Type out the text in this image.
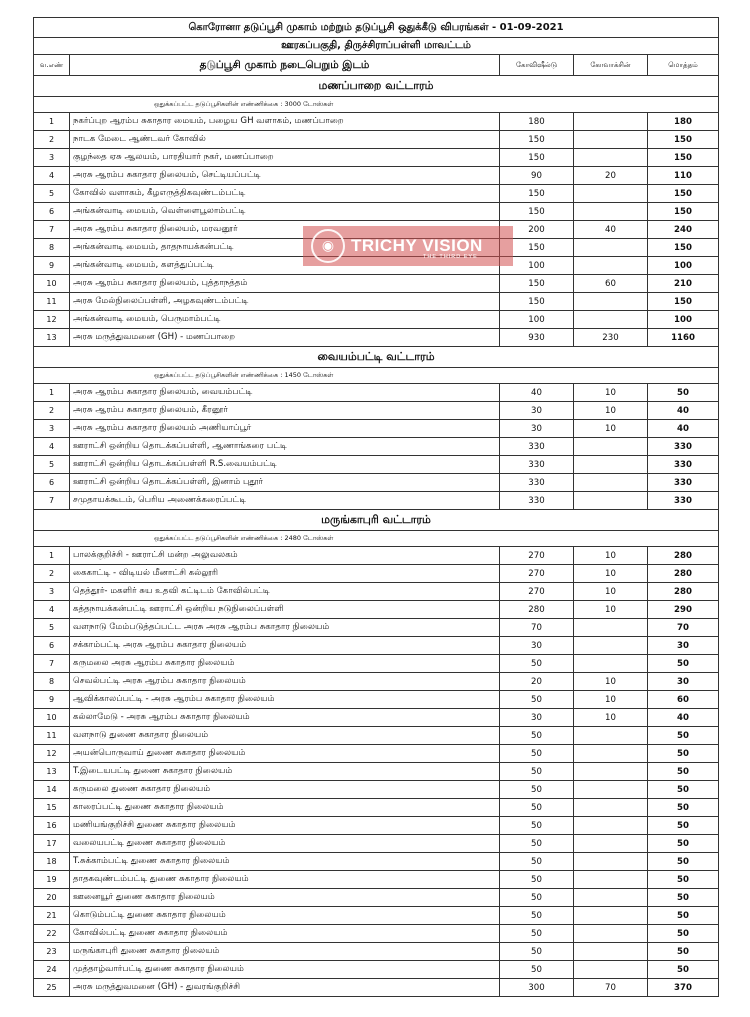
கொரோனா தடுப்பூசி முகாம் மற்றும் தடுப்பூசி ஒதுக்கீடு விபரங்கள் - 01-09-2021				
ஊரகப்பகுதி, திருச்சிராப்பள்ளி மாவட்டம்				
வ.எண்	தடுப்பூசி முகாம் நடைபெறும் இடம்	கோவிஷீல்டு	கோவாக்சின்	மொத்தம்
மணப்பாறை வட்டாரம்				
ஒதுக்கப்பட்ட தடுப்பூசிகளின் எண்ணிக்கை : 3000 டோஸ்கள்				
1	நகர்ப்புற ஆரம்ப சுகாதார மையம், பழைய GH வளாகம், மணப்பாறை	180		180
2	நாடக மேடை ஆண்டவர் கோவில்	150		150
3	குழந்தை ஏசு ஆலயம், பாரதியார் நகர், மணப்பாறை	150		150
4	அரசு ஆரம்ப சுகாதார நிலையம், செட்டியப்பட்டி	90	20	110
5	கோவில் வளாகம், கீழஎருத்திகவுண்டம்பட்டி	150		150
6	அங்கன்வாடி மையம், வெள்ளைபூலாம்பட்டி	150		150
7	அரசு ஆரம்ப சுகாதார நிலையம், மரவனூர்	200	40	240
8	அங்கன்வாடி மையம், தாதநாயக்கன்பட்டி	150		150
9	அங்கன்வாடி மையம், களத்துப்பட்டி	100		100
10	அரசு ஆரம்ப சுகாதார நிலையம், புத்தாநத்தம்	150	60	210
11	அரசு மேல்நிலைப்பள்ளி, அழகவுண்டம்பட்டி	150		150
12	அங்கன்வாடி மையம், பெருமாம்பட்டி	100		100
13	அரசு மருத்துவமனை (GH) - மணப்பாறை	930	230	1160
வையம்பட்டி வட்டாரம்				
ஒதுக்கப்பட்ட தடுப்பூசிகளின் எண்ணிக்கை : 1450 டோஸ்கள்				
1	அரசு ஆரம்ப சுகாதார நிலையம், வையம்பட்டி	40	10	50
2	அரசு ஆரம்ப சுகாதார நிலையம், கீரனூர்	30	10	40
3	அரசு ஆரம்ப சுகாதார நிலையம் அணியாப்பூர்	30	10	40
4	ஊராட்சி ஒன்றிய தொடக்கப்பள்ளி, ஆணாங்கரை பட்டி	330		330
5	ஊராட்சி ஒன்றிய தொடக்கப்பள்ளி R.S.வையம்பட்டி	330		330
6	ஊராட்சி ஒன்றிய தொடக்கப்பள்ளி, இனாம் புதூர்	330		330
7	சமுதாயக்கூடம், பெரிய அணைக்கரைப்பட்டி	330		330
மருங்காபுரி வட்டாரம்				
ஒதுக்கப்பட்ட தடுப்பூசிகளின் எண்ணிக்கை : 2480 டோஸ்கள்				
1	பாலக்குறிச்சி - ஊராட்சி மன்ற அலுவலகம்	270	10	280
2	கைகாட்டி - விடியல் மீனாட்சி கல்லூரி	270	10	280
3	தெத்தூர்- மகளிர் சுய உதவி கட்டிடம் கோவில்பட்டி	270	10	280
4	கத்தநாயக்கன்பட்டி ஊராட்சி ஒன்றிய நடுநிலைப்பள்ளி	280	10	290
5	வளநாடு மேம்படுத்தப்பட்ட அரசு அரசு ஆரம்ப சுகாதார நிலையம்	70		70
6	சக்காம்பட்டி அரசு ஆரம்ப சுகாதார நிலையம்	30		30
7	கருமலை அரசு ஆரம்ப சுகாதார நிலையம்	50		50
8	செவல்பட்டி அரசு ஆரம்ப சுகாதார நிலையம்	20	10	30
9	ஆவிக்காலப்பட்டி - அரசு ஆரம்ப சுகாதார நிலையம்	50	10	60
10	கல்லாமேடு - அரசு ஆரம்ப சுகாதார நிலையம்	30	10	40
11	வளநாடு துணை சுகாதார நிலையம்	50		50
12	அயன்பொருவாய் துணை சுகாதார நிலையம்	50		50
13	T.இடையபட்டி துணை சுகாதார நிலையம்	50		50
14	கருமலை துணை சுகாதார நிலையம்	50		50
15	காரைப்பட்டி துணை சுகாதார நிலையம்	50		50
16	மணியங்குறிச்சி துணை சுகாதார நிலையம்	50		50
17	வலையபட்டி துணை சுகாதார நிலையம்	50		50
18	T.சுக்காம்பட்டி துணை சுகாதார நிலையம்	50		50
19	தாதகவுண்டம்பட்டி துணை சுகாதார நிலையம்	50		50
20	ஊனையூர் துணை சுகாதார நிலையம்	50		50
21	கொடும்பட்டி துணை சுகாதார நிலையம்	50		50
22	கோவில்பட்டி துணை சுகாதார நிலையம்	50		50
23	மருங்காபுரி துணை சுகாதார நிலையம்	50		50
24	முத்தாழ்வார்பட்டி துணை சுகாதார நிலையம்	50		50
25	அரசு மருத்துவமனை (GH) - துவரங்குறிச்சி	300	70	370
◉ TRICHY VISION
THE THIRD EYE
